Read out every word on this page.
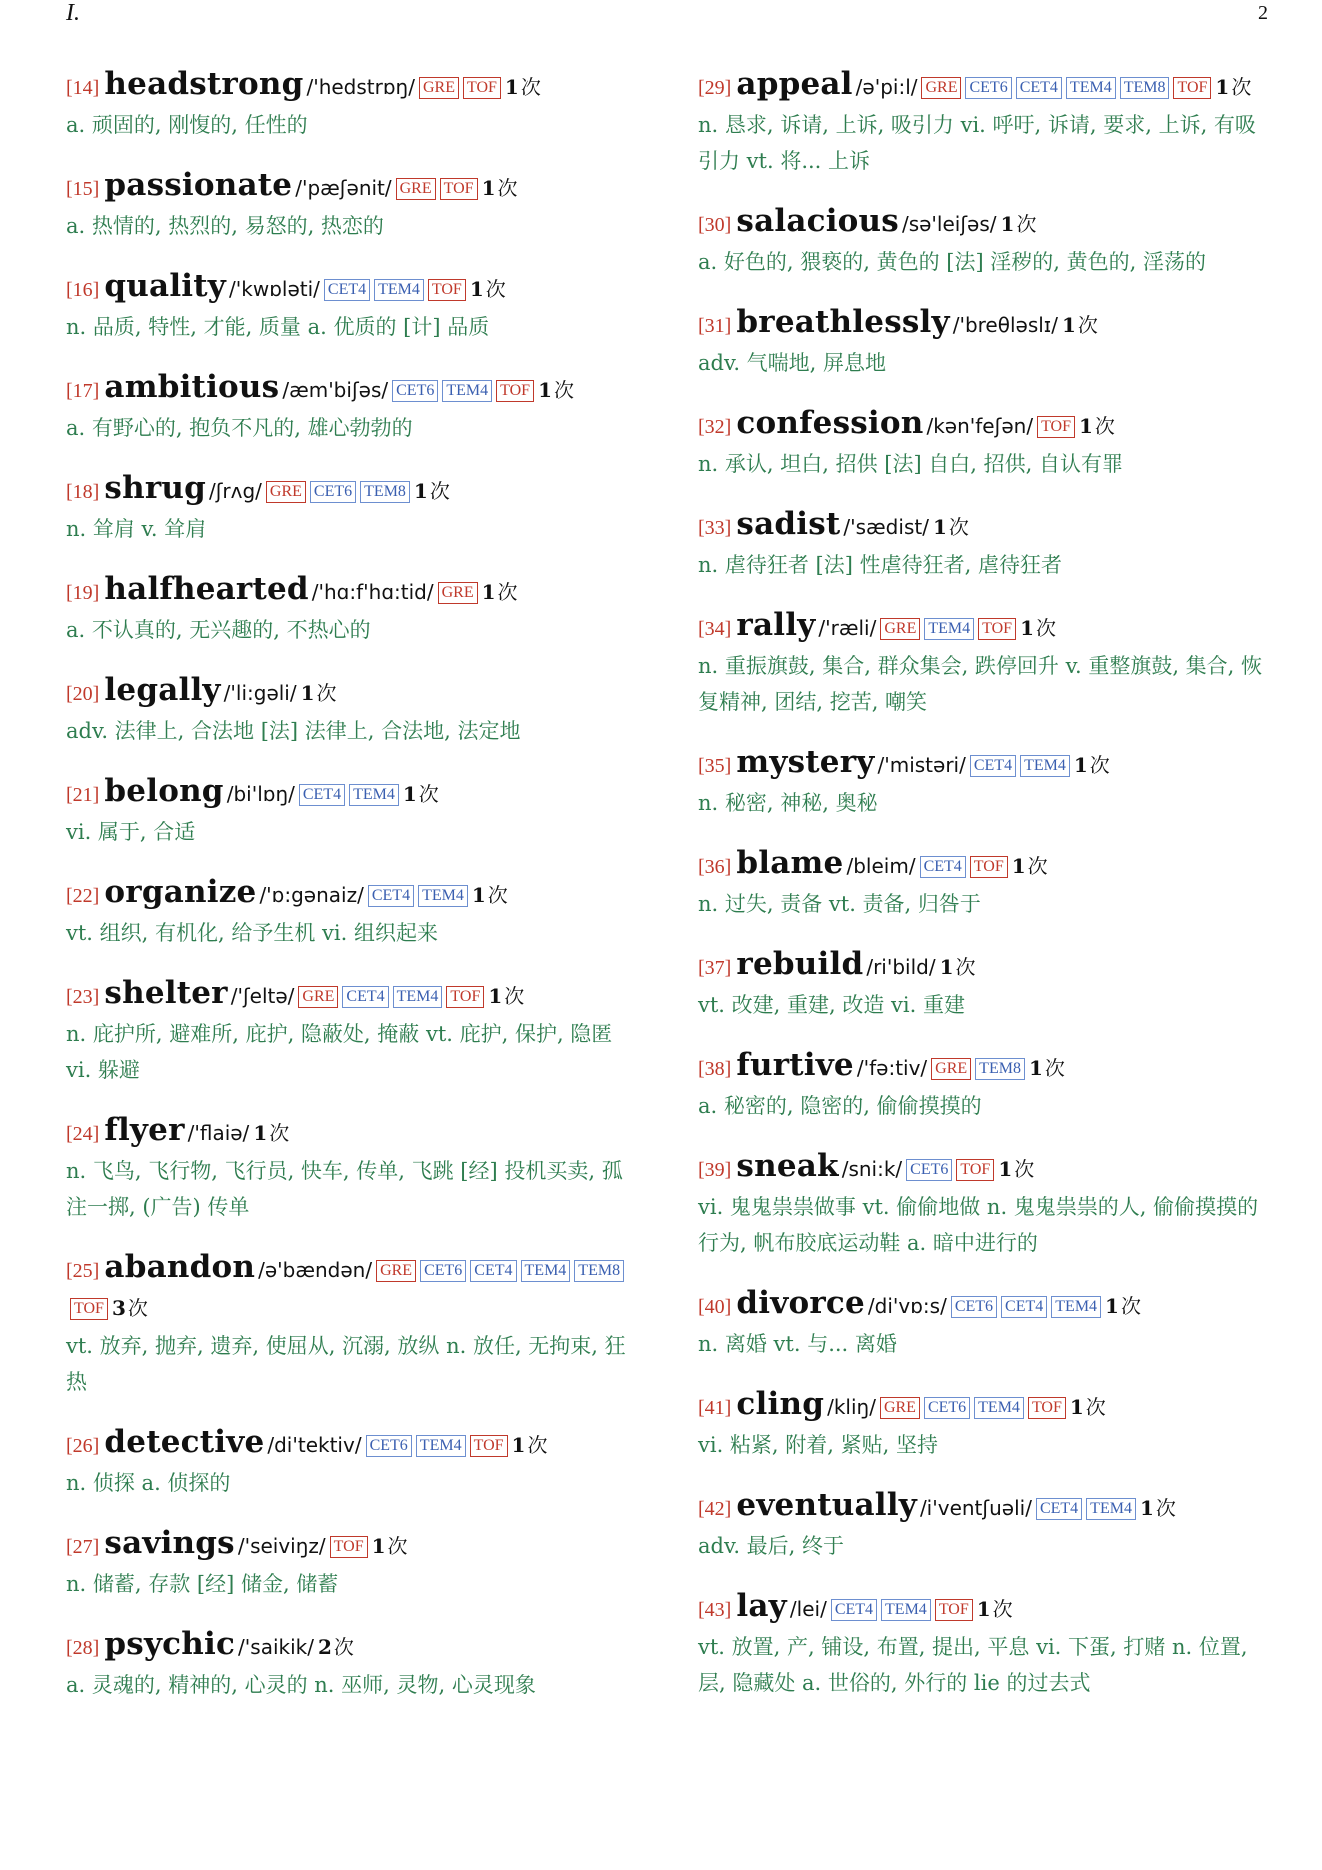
I.	2
[14] headstrong /'hedstrɒŋ/ GRE TOF 1 次
a. 顽固的, 刚愎的, 任性的
[15] passionate /'pæʃənit/ GRE TOF 1 次
a. 热情的, 热烈的, 易怒的, 热恋的
[16] quality /'kwɒləti/ CET4 TEM4 TOF 1 次
n. 品质, 特性, 才能, 质量 a. 优质的 [计] 品质
[17] ambitious /æm'biʃəs/ CET6 TEM4 TOF 1 次
a. 有野心的, 抱负不凡的, 雄心勃勃的
[18] shrug /ʃrʌg/ GRE CET6 TEM8 1 次
n. 耸肩 v. 耸肩
[19] halfhearted /'hɑ:f'hɑ:tid/ GRE 1 次
a. 不认真的, 无兴趣的, 不热心的
[20] legally /'li:gəli/ 1 次
adv. 法律上, 合法地 [法] 法律上, 合法地, 法定地
[21] belong /bi'lɒŋ/ CET4 TEM4 1 次
vi. 属于, 合适
[22] organize /'ɒ:gənaiz/ CET4 TEM4 1 次
vt. 组织, 有机化, 给予生机 vi. 组织起来
[23] shelter /'ʃeltə/ GRE CET4 TEM4 TOF 1 次
n. 庇护所, 避难所, 庇护, 隐蔽处, 掩蔽 vt. 庇护, 保护, 隐匿 vi. 躲避
[24] flyer /'flaiə/ 1 次
n. 飞鸟, 飞行物, 飞行员, 快车, 传单, 飞跳 [经] 投机买卖, 孤注一掷, (广告) 传单
[25] abandon /ə'bændən/ GRE CET6 CET4 TEM4 TEM8TOF 3 次
vt. 放弃, 抛弃, 遗弃, 使屈从, 沉溺, 放纵 n. 放任, 无拘束, 狂热
[26] detective /di'tektiv/ CET6 TEM4 TOF 1 次
n. 侦探 a. 侦探的
[27] savings /'seiviŋz/ TOF 1 次
n. 储蓄, 存款 [经] 储金, 储蓄
[28] psychic /'saikik/ 2 次
a. 灵魂的, 精神的, 心灵的 n. 巫师, 灵物, 心灵现象
[29] appeal /ə'pi:l/ GRE CET6 CET4 TEM4 TEM8 TOF 1 次
n. 恳求, 诉请, 上诉, 吸引力 vi. 呼吁, 诉请, 要求, 上诉, 有吸引力 vt. 将... 上诉
[30] salacious /sə'leiʃəs/ 1 次
a. 好色的, 猥亵的, 黄色的 [法] 淫秽的, 黄色的, 淫荡的
[31] breathlessly /'breθləslɪ/ 1 次
adv. 气喘地, 屏息地
[32] confession /kən'feʃən/ TOF 1 次
n. 承认, 坦白, 招供 [法] 自白, 招供, 自认有罪
[33] sadist /'sædist/ 1 次
n. 虐待狂者 [法] 性虐待狂者, 虐待狂者
[34] rally /'ræli/ GRE TEM4 TOF 1 次
n. 重振旗鼓, 集合, 群众集会, 跌停回升 v. 重整旗鼓, 集合, 恢复精神, 团结, 挖苦, 嘲笑
[35] mystery /'mistəri/ CET4 TEM4 1 次
n. 秘密, 神秘, 奥秘
[36] blame /bleim/ CET4 TOF 1 次
n. 过失, 责备 vt. 责备, 归咎于
[37] rebuild /ri'bild/ 1 次
vt. 改建, 重建, 改造 vi. 重建
[38] furtive /'fə:tiv/ GRE TEM8 1 次
a. 秘密的, 隐密的, 偷偷摸摸的
[39] sneak /sni:k/ CET6 TOF 1 次
vi. 鬼鬼祟祟做事 vt. 偷偷地做 n. 鬼鬼祟祟的人, 偷偷摸摸的行为, 帆布胶底运动鞋 a. 暗中进行的
[40] divorce /di'vɒ:s/ CET6 CET4 TEM4 1 次
n. 离婚 vt. 与... 离婚
[41] cling /kliŋ/ GRE CET6 TEM4 TOF 1 次
vi. 粘紧, 附着, 紧贴, 坚持
[42] eventually /i'ventʃuəli/ CET4 TEM4 1 次
adv. 最后, 终于
[43] lay /lei/ CET4 TEM4 TOF 1 次
vt. 放置, 产, 铺设, 布置, 提出, 平息 vi. 下蛋, 打赌 n. 位置, 层, 隐藏处 a. 世俗的, 外行的 lie 的过去式
